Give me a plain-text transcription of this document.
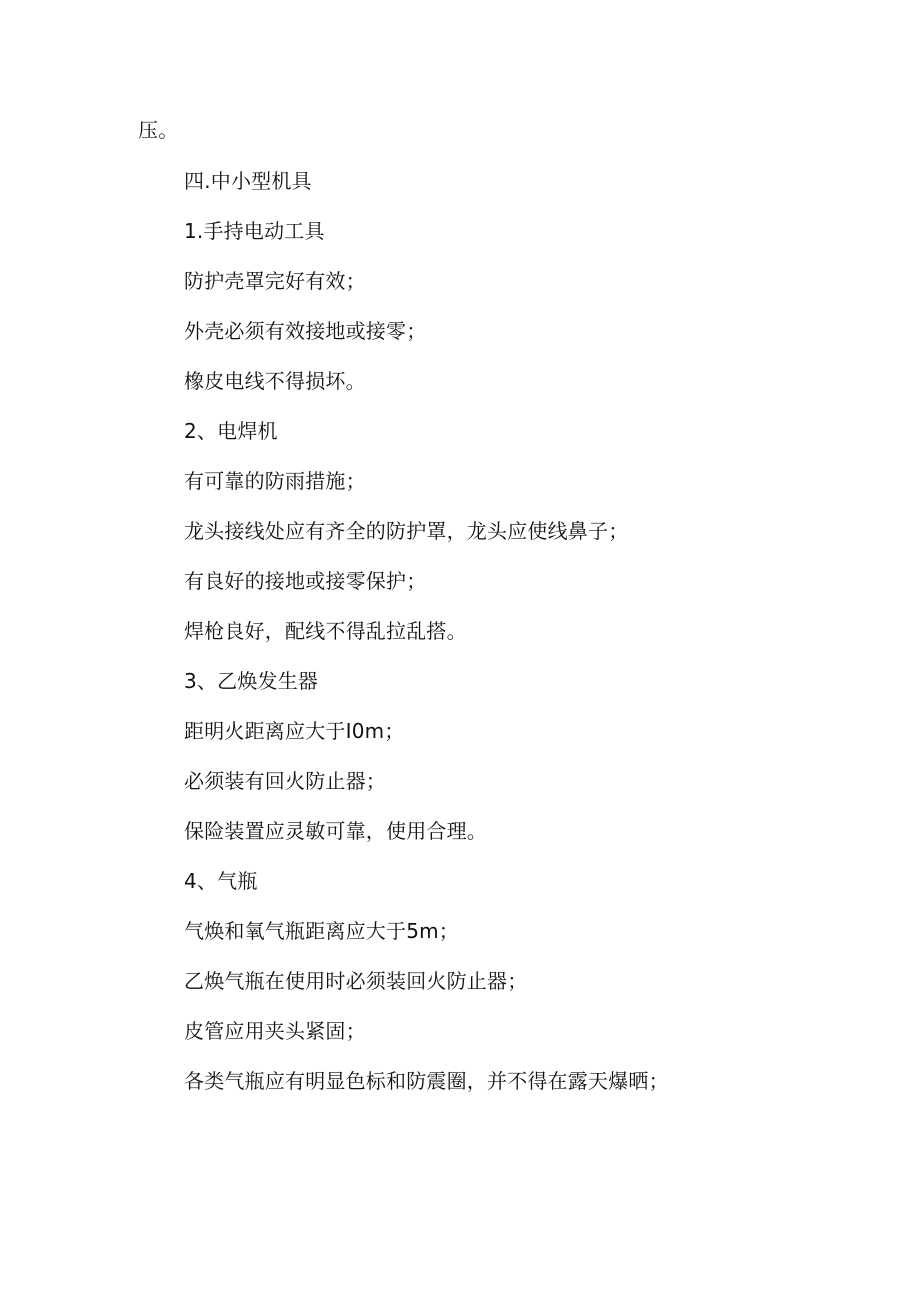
压。
四.中小型机具
1.手持电动工具
防护壳罩完好有效；
外壳必须有效接地或接零；
橡皮电线不得损坏。
2、电焊机
有可靠的防雨措施；
龙头接线处应有齐全的防护罩，龙头应使线鼻子；
有良好的接地或接零保护；
焊枪良好，配线不得乱拉乱搭。
3、乙焕发生器
距明火距离应大于I0m；
必须装有回火防止器；
保险装置应灵敏可靠，使用合理。
4、气瓶
气焕和氧气瓶距离应大于5m；
乙焕气瓶在使用时必须装回火防止器；
皮管应用夹头紧固；
各类气瓶应有明显色标和防震圈，并不得在露天爆晒；
